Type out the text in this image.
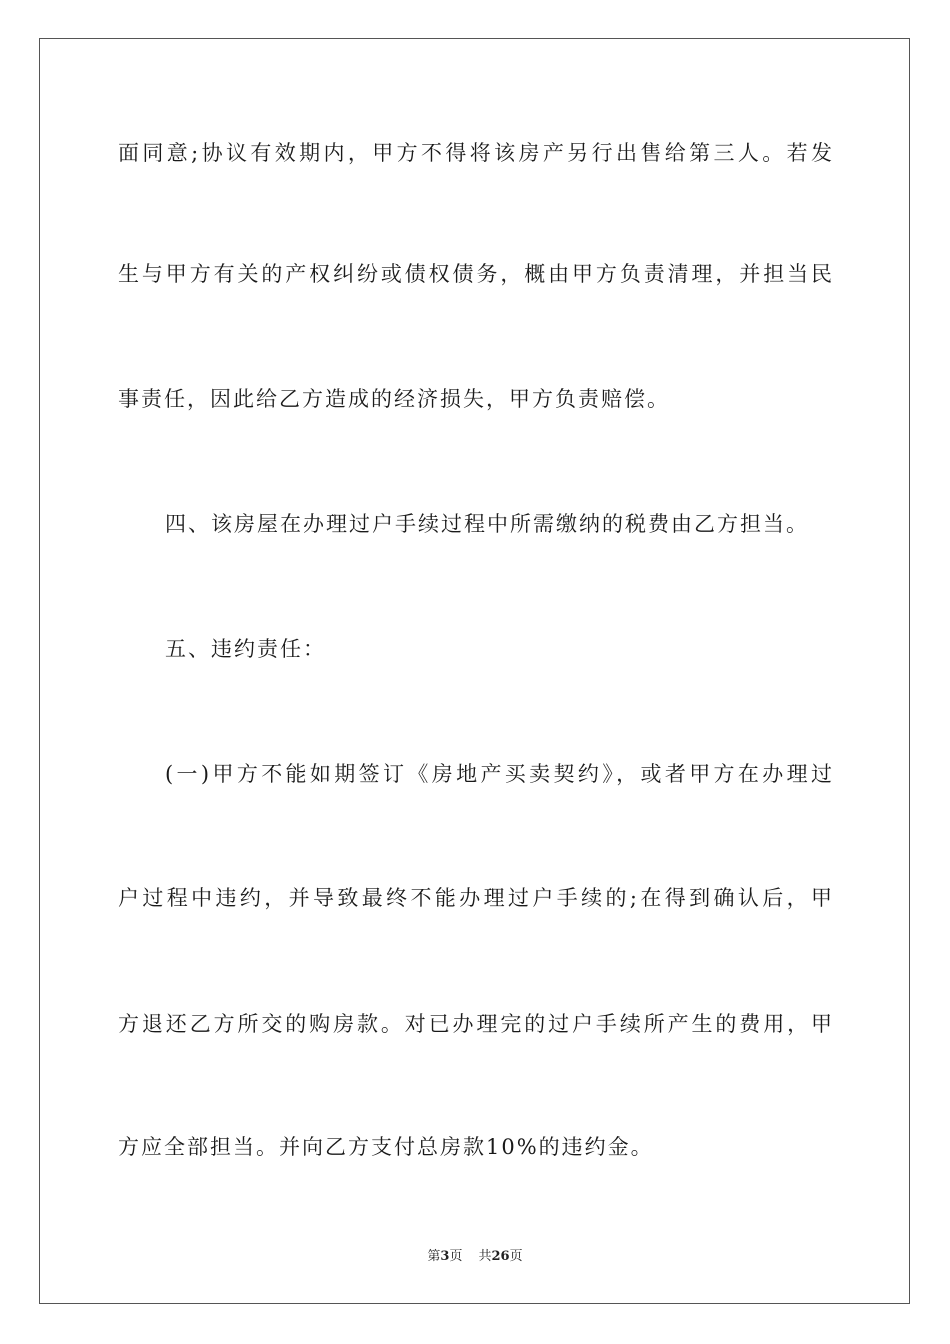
面同意;协议有效期内，甲方不得将该房产另行出售给第三人。若发
生与甲方有关的产权纠纷或债权债务，概由甲方负责清理，并担当民
事责任，因此给乙方造成的经济损失，甲方负责赔偿。
四、该房屋在办理过户手续过程中所需缴纳的税费由乙方担当。
五、违约责任：
(一)甲方不能如期签订《房地产买卖契约》，或者甲方在办理过
户过程中违约，并导致最终不能办理过户手续的;在得到确认后，甲
方退还乙方所交的购房款。对已办理完的过户手续所产生的费用，甲
方应全部担当。并向乙方支付总房款10%的违约金。
第3页 共26页
